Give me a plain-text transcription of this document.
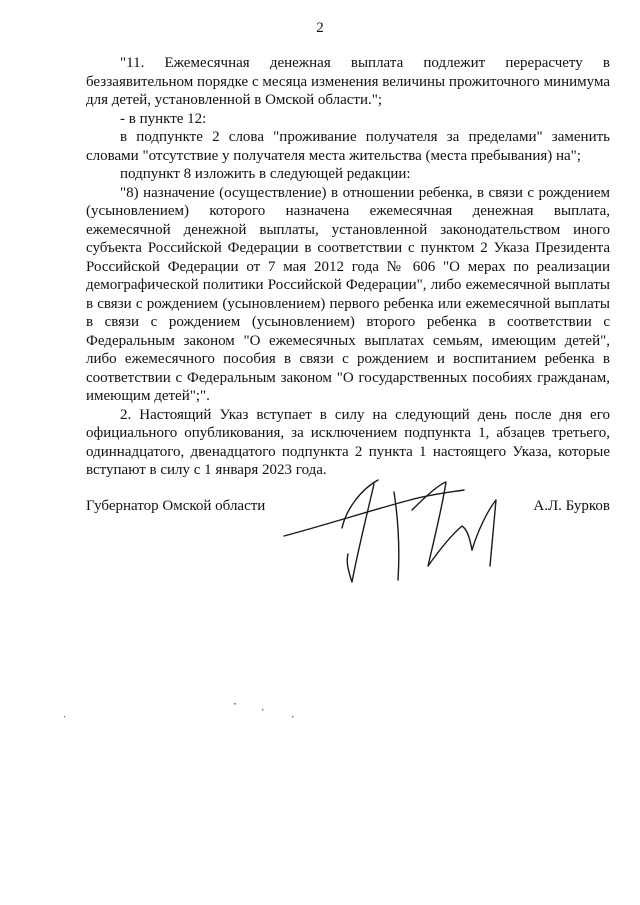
2

"11. Ежемесячная денежная выплата подлежит перерасчету в беззаявительном порядке с месяца изменения величины прожиточного минимума для детей, установленной в Омской области.";

- в пункте 12:

в подпункте 2 слова "проживание получателя за пределами" заменить словами "отсутствие у получателя места жительства (места пребывания) на";

подпункт 8 изложить в следующей редакции:

"8) назначение (осуществление) в отношении ребенка, в связи с рождением (усыновлением) которого назначена ежемесячная денежная выплата, ежемесячной денежной выплаты, установленной законодательством иного субъекта Российской Федерации в соответствии с пунктом 2 Указа Президента Российской Федерации от 7 мая 2012 года № 606 "О мерах по реализации демографической политики Российской Федерации", либо ежемесячной выплаты в связи с рождением (усыновлением) первого ребенка или ежемесячной выплаты в связи с рождением (усыновлением) второго ребенка в соответствии с Федеральным законом "О ежемесячных выплатах семьям, имеющим детей", либо ежемесячного пособия в связи с рождением и воспитанием ребенка в соответствии с Федеральным законом "О государственных пособиях гражданам, имеющим детей";".

2. Настоящий Указ вступает в силу на следующий день после дня его официального опубликования, за исключением подпункта 1, абзацев третьего, одиннадцатого, двенадцатого подпункта 2 пункта 1 настоящего Указа, которые вступают в силу с 1 января 2023 года.

Губернатор Омской области	А.Л. Бурков
